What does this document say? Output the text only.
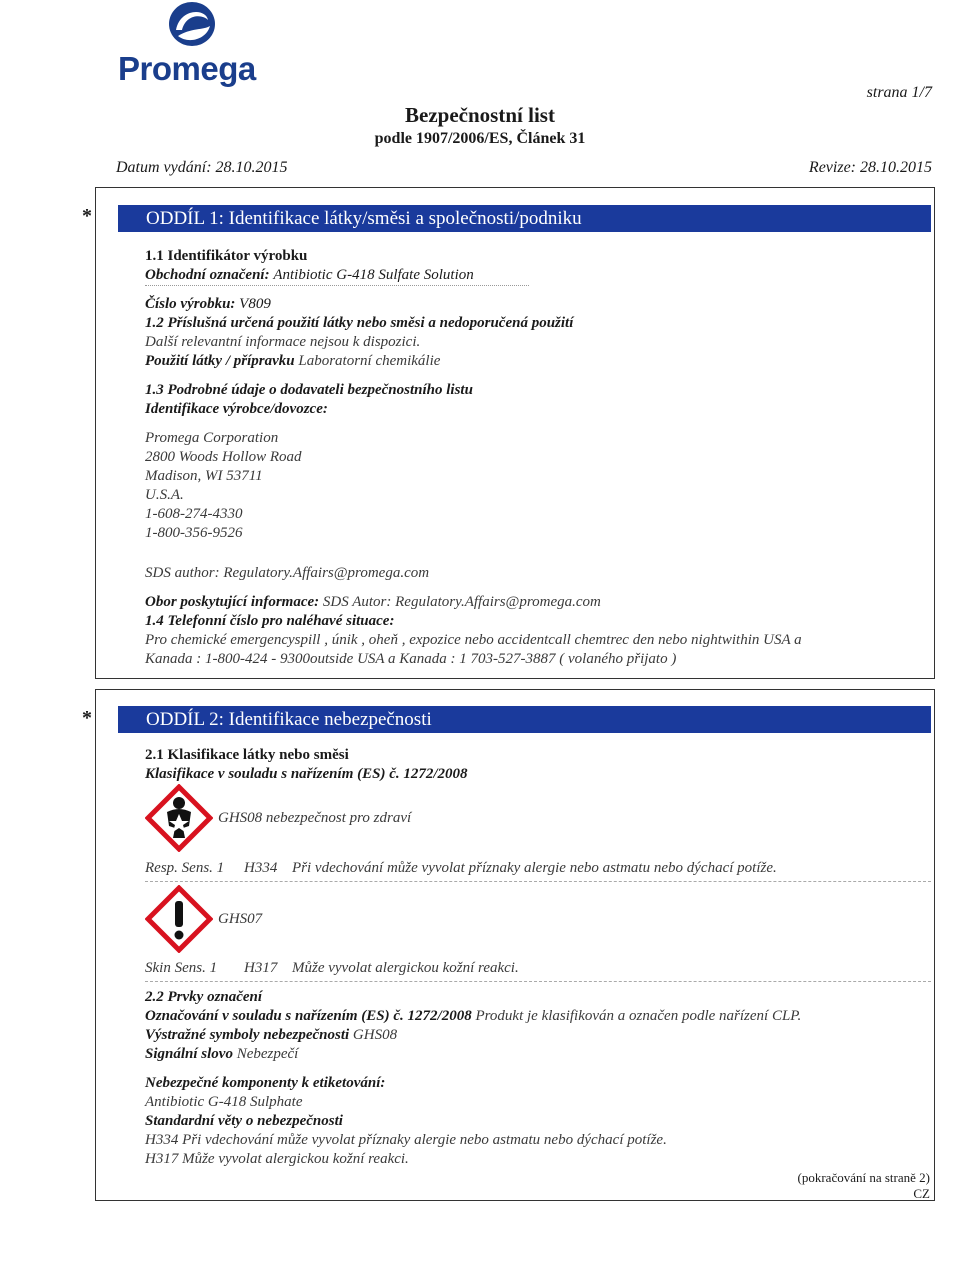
Promega
strana 1/7
Bezpečnostní list
podle 1907/2006/ES, Článek 31
Datum vydání: 28.10.2015	Revize: 28.10.2015
*	ODDÍL 1: Identifikace látky/směsi a společnosti/podniku
1.1 Identifikátor výrobku
Obchodní označení: Antibiotic G-418 Sulfate Solution
Číslo výrobku: V809
1.2 Příslušná určená použití látky nebo směsi a nedoporučená použití
Další relevantní informace nejsou k dispozici.
Použití látky / přípravku Laboratorní chemikálie
1.3 Podrobné údaje o dodavateli bezpečnostního listu
Identifikace výrobce/dovozce:
Promega Corporation
2800 Woods Hollow Road
Madison, WI 53711
U.S.A.
1-608-274-4330
1-800-356-9526
SDS author: Regulatory.Affairs@promega.com
Obor poskytující informace: SDS Autor: Regulatory.Affairs@promega.com
1.4 Telefonní číslo pro naléhavé situace:
Pro chemické emergencyspill , únik , oheň , expozice nebo accidentcall chemtrec den nebo nightwithin USA a
Kanada : 1-800-424 - 9300outside USA a Kanada : 1 703-527-3887 ( volaného přijato )
*	ODDÍL 2: Identifikace nebezpečnosti
2.1 Klasifikace látky nebo směsi
Klasifikace v souladu s nařízením (ES) č. 1272/2008
GHS08 nebezpečnost pro zdraví
Resp. Sens. 1 H334 Při vdechování může vyvolat příznaky alergie nebo astmatu nebo dýchací potíže.
GHS07
Skin Sens. 1 H317 Může vyvolat alergickou kožní reakci.
2.2 Prvky označení
Označování v souladu s nařízením (ES) č. 1272/2008 Produkt je klasifikován a označen podle nařízení CLP.
Výstražné symboly nebezpečnosti GHS08
Signální slovo Nebezpečí
Nebezpečné komponenty k etiketování:
Antibiotic G-418 Sulphate
Standardní věty o nebezpečnosti
H334 Při vdechování může vyvolat příznaky alergie nebo astmatu nebo dýchací potíže.
H317 Může vyvolat alergickou kožní reakci.
(pokračování na straně 2)
CZ
